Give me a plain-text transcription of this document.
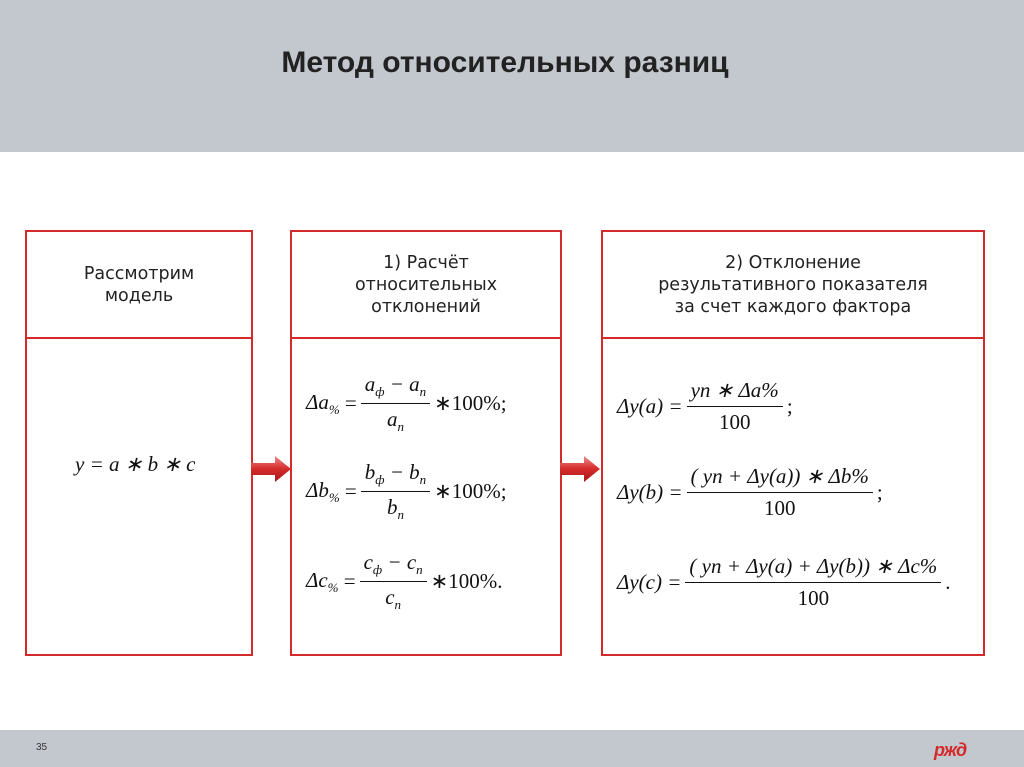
Метод относительных разниц
Рассмотрим
модель
y = a ∗ b ∗ c
1) Расчёт
относительных
отклонений
$\Delta a_{\%} = \frac{a_ф - a_n}{a_n}$ ∗100%;
$\Delta b_{\%} = \frac{b_ф - b_n}{b_n}$ ∗100%;
$\Delta c_{\%} = \frac{c_ф - c_n}{c_n}$ ∗100%.
2) Отклонение
результативного показателя
за счет каждого фактора
$\Delta y(a) = \frac{yn ∗ \Delta a\%}{100}$ ;
$\Delta y(b) = \frac{( yn + \Delta y(a)) ∗ \Delta b\%}{100}$ ;
$\Delta y(c) = \frac{( yn + \Delta y(a) + \Delta y(b)) ∗ \Delta c\%}{100}$ .
35	ржд
